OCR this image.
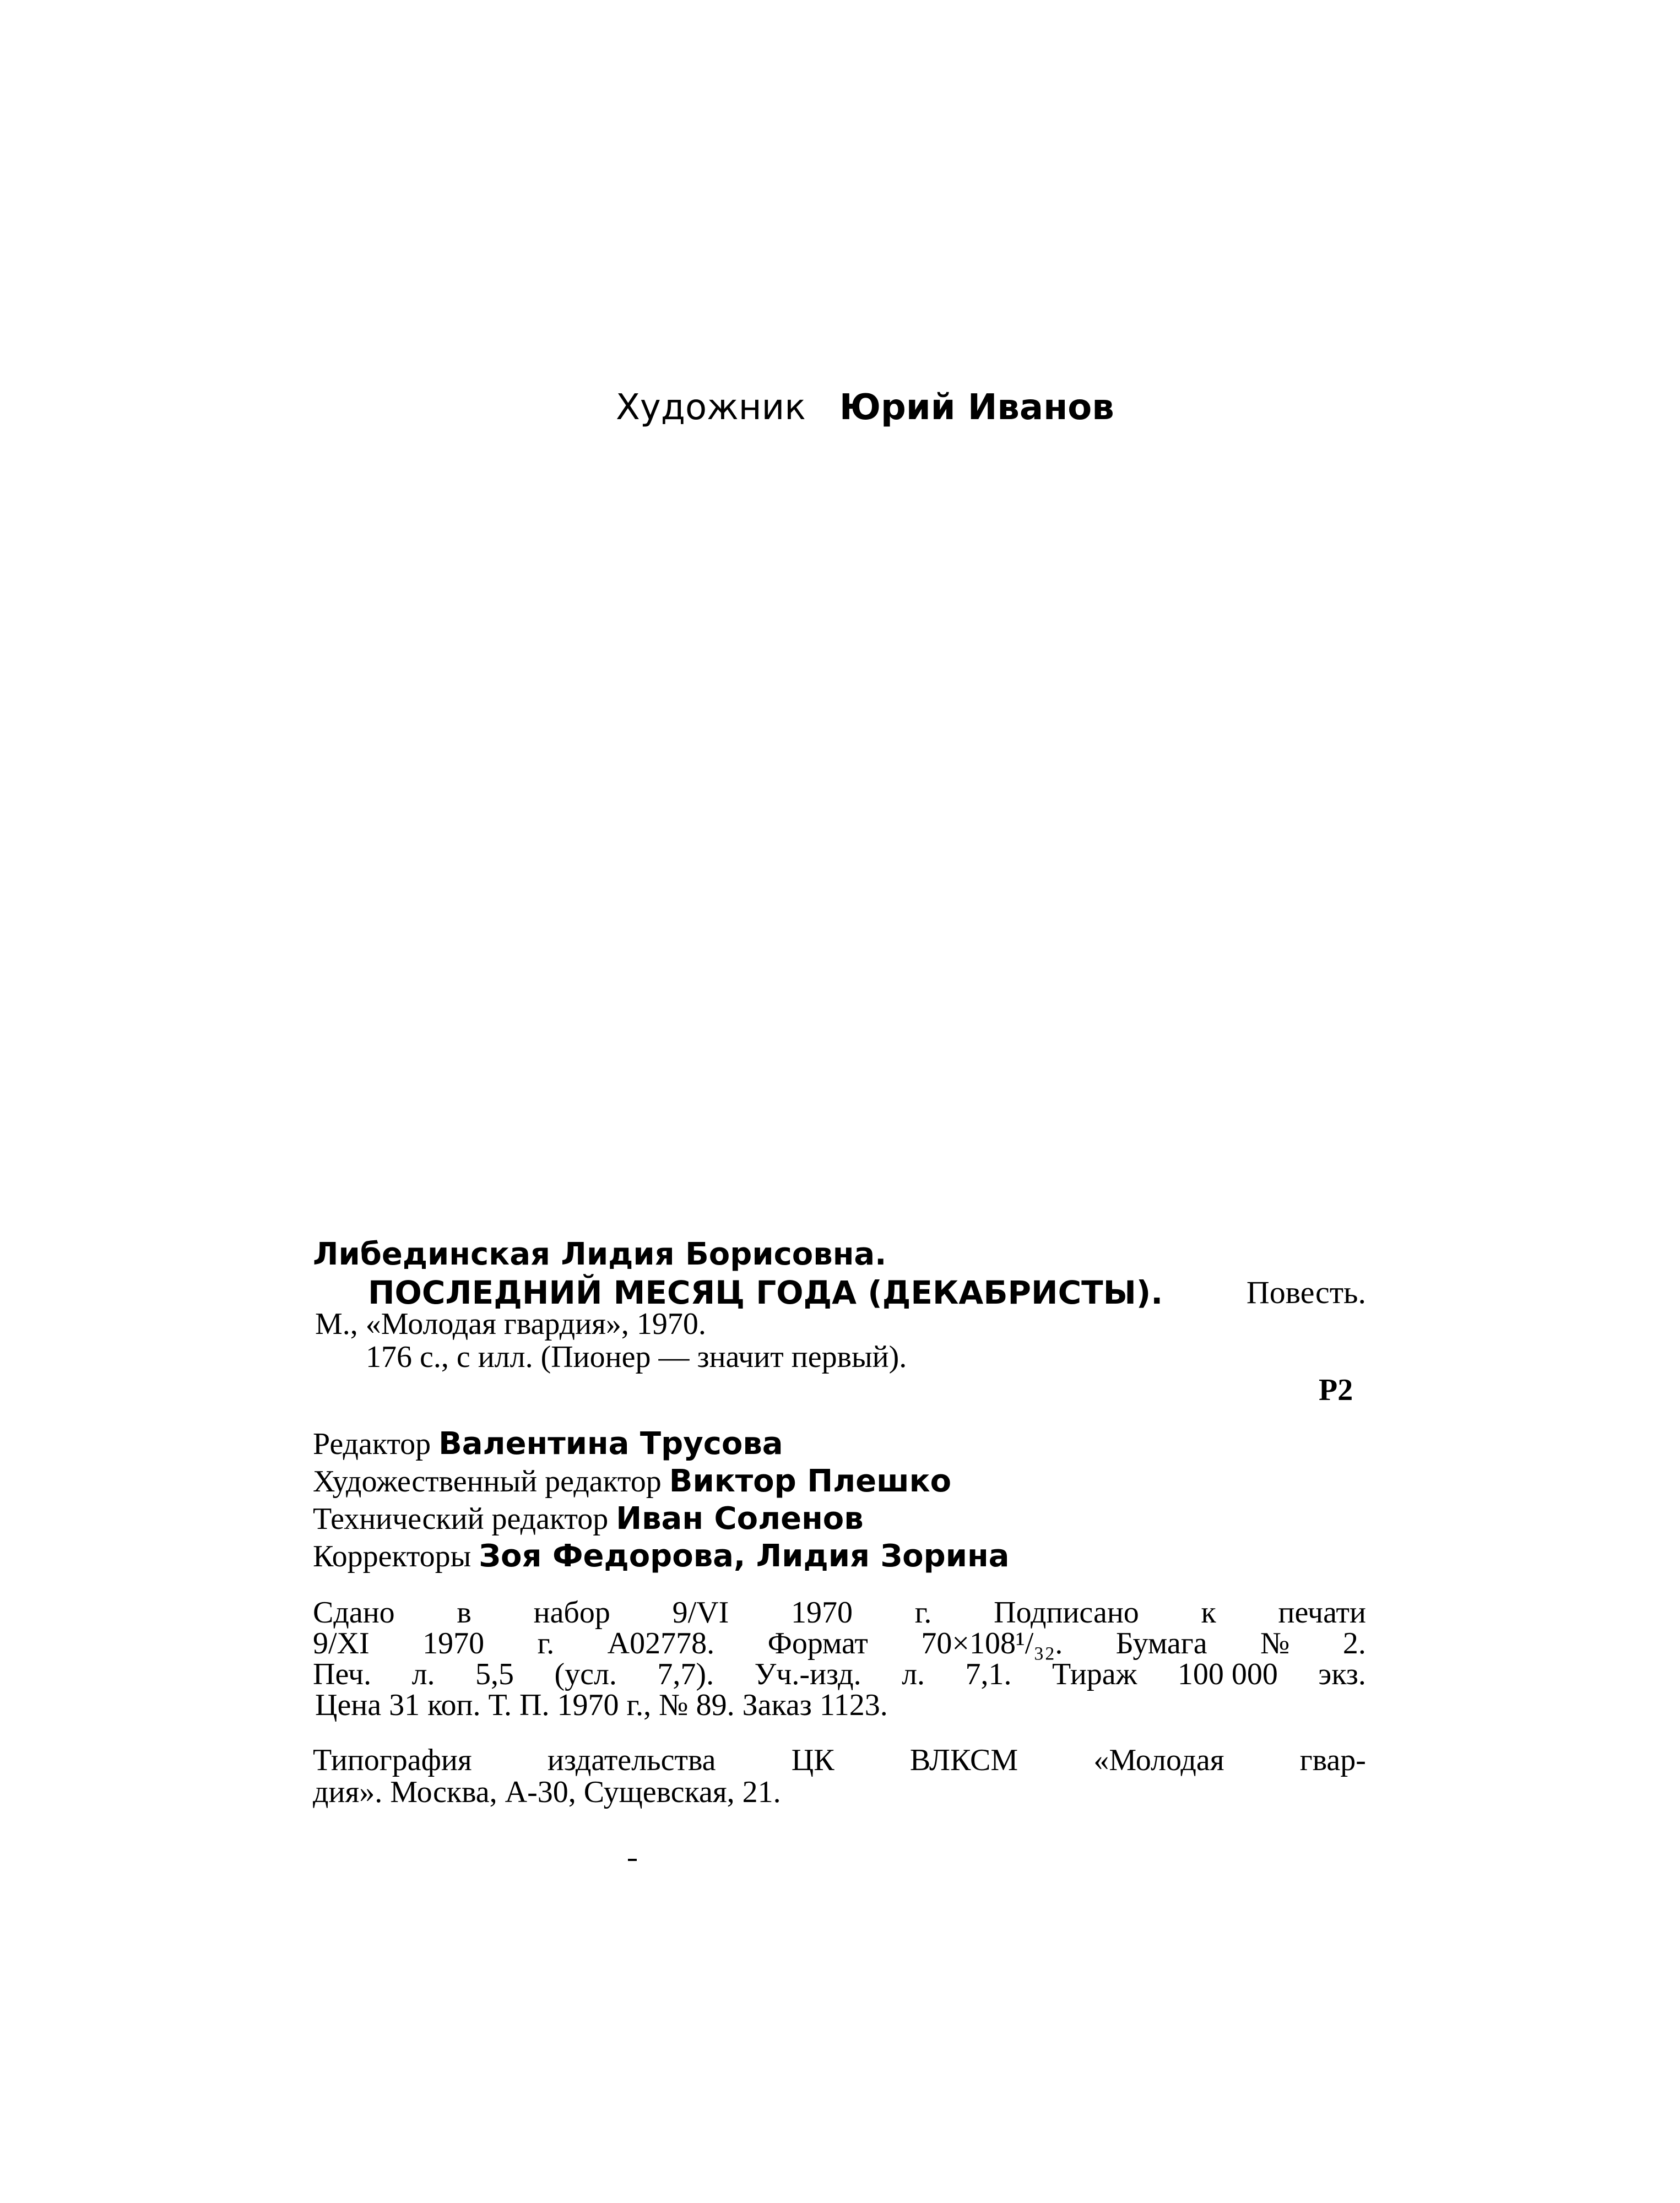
Художник Юрий Иванов
Либединская Лидия Борисовна.
ПОСЛЕДНИЙ МЕСЯЦ ГОДА (ДЕКАБРИСТЫ).	Повесть.
М., «Молодая гвардия», 1970.
176 с., с илл. (Пионер — значит первый).
Р2
Редактор Валентина Трусова
Художественный редактор Виктор Плешко
Технический редактор Иван Соленов
Корректоры Зоя Федорова, Лидия Зорина
Сдано в набор 9/VI 1970 г. Подписано к печати
9/XI 1970 г. А02778. Формат 70×108¹/₃₂. Бумага № 2.
Печ. л. 5,5 (усл. 7,7). Уч.-изд. л. 7,1. Тираж 100 000 экз.
Цена 31 коп. Т. П. 1970 г., № 89. Заказ 1123.
Типография издательства ЦК ВЛКСМ «Молодая гвар-
дия». Москва, А-30, Сущевская, 21.
